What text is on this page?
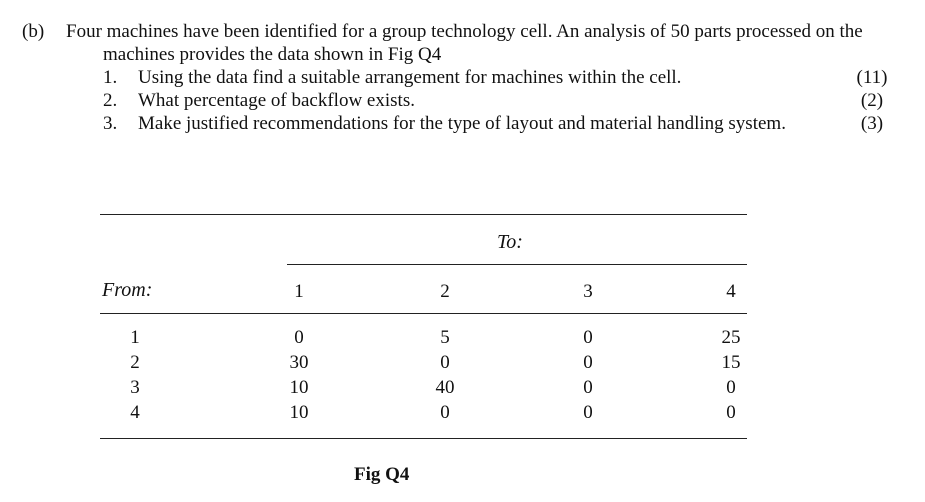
(b) Four machines have been identified for a group technology cell. An analysis of 50 parts processed on the
machines provides the data shown in Fig Q4
1. Using the data find a suitable arrangement for machines within the cell.	(11)
2. What percentage of backflow exists.	(2)
3. Make justified recommendations for the type of layout and material handling system.	(3)
To:
From:	1	2	3	4
1	0	5	0	25
2	30	0	0	15
3	10	40	0	0
4	10	0	0	0
Fig Q4
